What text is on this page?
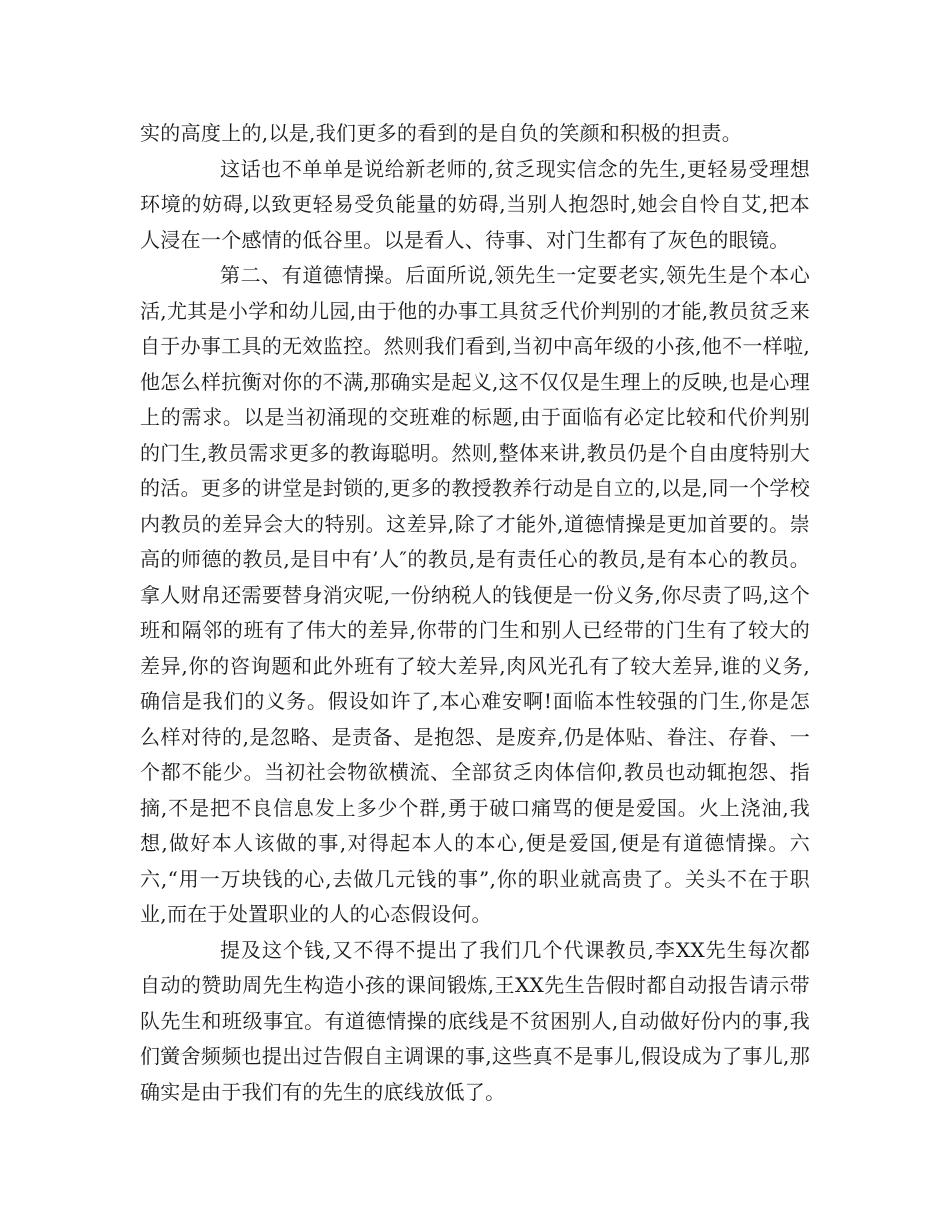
实的高度上的,以是,我们更多的看到的是自负的笑颜和积极的担责。

这话也不单单是说给新老师的,贫乏现实信念的先生,更轻易受理想环境的妨碍,以致更轻易受负能量的妨碍,当别人抱怨时,她会自怜自艾,把本人浸在一个感情的低谷里。以是看人、待事、对门生都有了灰色的眼镜。

第二、有道德情操。后面所说,领先生一定要老实,领先生是个本心活,尤其是小学和幼儿园,由于他的办事工具贫乏代价判别的才能,教员贫乏来自于办事工具的无效监控。然则我们看到,当初中高年级的小孩,他不一样啦,他怎么样抗衡对你的不满,那确实是起义,这不仅仅是生理上的反映,也是心理上的需求。以是当初涌现的交班难的标题,由于面临有必定比较和代价判别的门生,教员需求更多的教诲聪明。然则,整体来讲,教员仍是个自由度特别大的活。更多的讲堂是封锁的,更多的教授教养行动是自立的,以是,同一个学校内教员的差异会大的特别。这差异,除了才能外,道德情操是更加首要的。崇高的师德的教员,是目中有’人″的教员,是有责任心的教员,是有本心的教员。拿人财帛还需要替身消灾呢,一份纳税人的钱便是一份义务,你尽责了吗,这个班和隔邻的班有了伟大的差异,你带的门生和别人已经带的门生有了较大的差异,你的咨询题和此外班有了较大差异,肉风光孔有了较大差异,谁的义务,确信是我们的义务。假设如许了,本心难安啊!面临本性较强的门生,你是怎么样对待的,是忽略、是责备、是抱怨、是废弃,仍是体贴、眷注、存眷、一个都不能少。当初社会物欲横流、全部贫乏肉体信仰,教员也动辄抱怨、指摘,不是把不良信息发上多少个群,勇于破口痛骂的便是爱国。火上浇油,我想,做好本人该做的事,对得起本人的本心,便是爱国,便是有道德情操。六六,“用一万块钱的心,去做几元钱的事”,你的职业就高贵了。关头不在于职业,而在于处置职业的人的心态假设何。

提及这个钱,又不得不提出了我们几个代课教员,李XX先生每次都自动的赞助周先生构造小孩的课间锻炼,王XX先生告假时都自动报告请示带队先生和班级事宜。有道德情操的底线是不贫困别人,自动做好份内的事,我们黉舍频频也提出过告假自主调课的事,这些真不是事儿,假设成为了事儿,那确实是由于我们有的先生的底线放低了。
